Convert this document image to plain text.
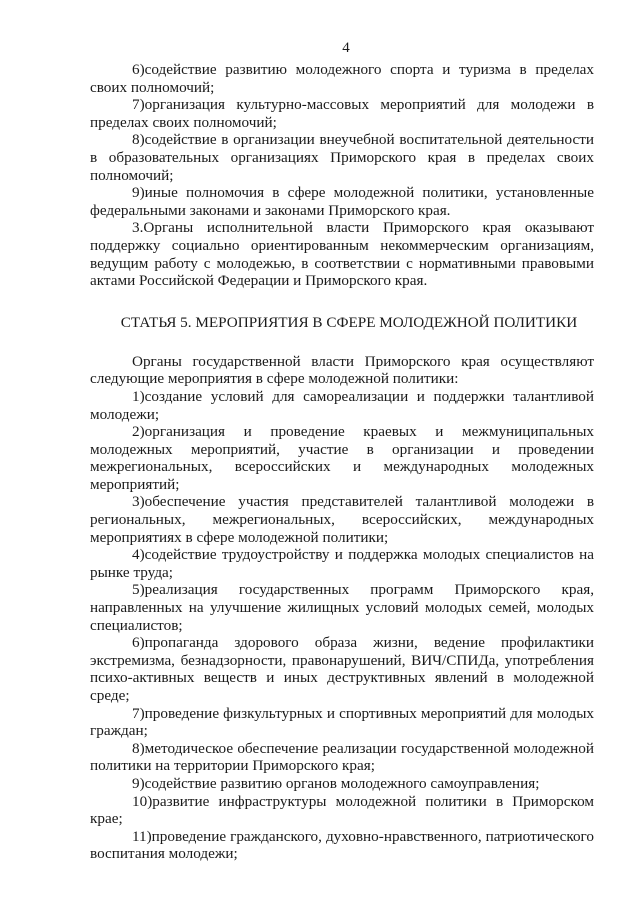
4

6)содействие развитию молодежного спорта и туризма в пределах своих полномочий;

7)организация культурно-массовых мероприятий для молодежи в пределах своих полномочий;

8)содействие в организации внеучебной воспитательной деятельности в образовательных организациях Приморского края в пределах своих полномочий;

9)иные полномочия в сфере молодежной политики, установленные федеральными законами и законами Приморского края.

3.Органы исполнительной власти Приморского края оказывают поддержку социально ориентированным некоммерческим организациям, ведущим работу с молодежью, в соответствии с нормативными правовыми актами Российской Федерации и Приморского края.

СТАТЬЯ 5. МЕРОПРИЯТИЯ В СФЕРЕ МОЛОДЕЖНОЙ ПОЛИТИКИ

Органы государственной власти Приморского края осуществляют следующие мероприятия в сфере молодежной политики:

1)создание условий для самореализации и поддержки талантливой молодежи;

2)организация и проведение краевых и межмуниципальных молодежных мероприятий, участие в организации и проведении межрегиональных, всероссийских и международных молодежных мероприятий;

3)обеспечение участия представителей талантливой молодежи в региональных, межрегиональных, всероссийских, международных мероприятиях в сфере молодежной политики;

4)содействие трудоустройству и поддержка молодых специалистов на рынке труда;

5)реализация государственных программ Приморского края, направленных на улучшение жилищных условий молодых семей, молодых специалистов;

6)пропаганда здорового образа жизни, ведение профилактики экстремизма, безнадзорности, правонарушений, ВИЧ/СПИДа, употребления психо-активных веществ и иных деструктивных явлений в молодежной среде;

7)проведение физкультурных и спортивных мероприятий для молодых граждан;

8)методическое обеспечение реализации государственной молодежной политики на территории Приморского края;

9)содействие развитию органов молодежного самоуправления;

10)развитие инфраструктуры молодежной политики в Приморском крае;

11)проведение гражданского, духовно-нравственного, патриотического воспитания молодежи;
